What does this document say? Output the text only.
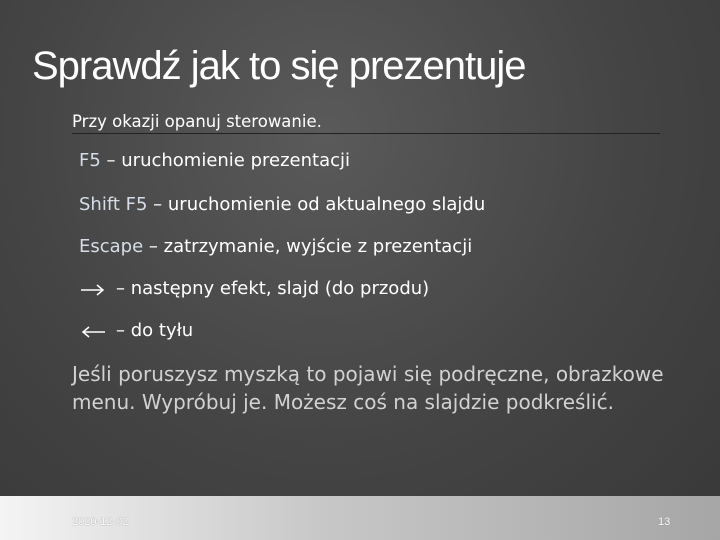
Sprawdź jak to się prezentuje
Przy okazji opanuj sterowanie.
F5 – uruchomienie prezentacji
Shift F5 – uruchomienie od aktualnego slajdu
Escape – zatrzymanie, wyjście z prezentacji
– następny efekt, slajd (do przodu)
– do tyłu
Jeśli poruszysz myszką to pojawi się podręczne, obrazkowe menu. Wypróbuj je. Możesz coś na slajdzie podkreślić.
2020-12-02	13
